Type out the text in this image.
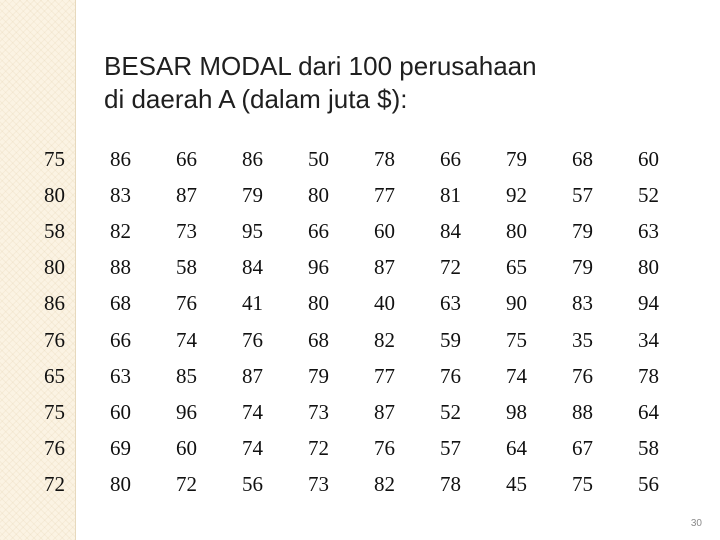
BESAR MODAL dari 100 perusahaan
di daerah A (dalam juta $):
75	86	66	86	50	78	66	79	68	60
80	83	87	79	80	77	81	92	57	52
58	82	73	95	66	60	84	80	79	63
80	88	58	84	96	87	72	65	79	80
86	68	76	41	80	40	63	90	83	94
76	66	74	76	68	82	59	75	35	34
65	63	85	87	79	77	76	74	76	78
75	60	96	74	73	87	52	98	88	64
76	69	60	74	72	76	57	64	67	58
72	80	72	56	73	82	78	45	75	56
30
